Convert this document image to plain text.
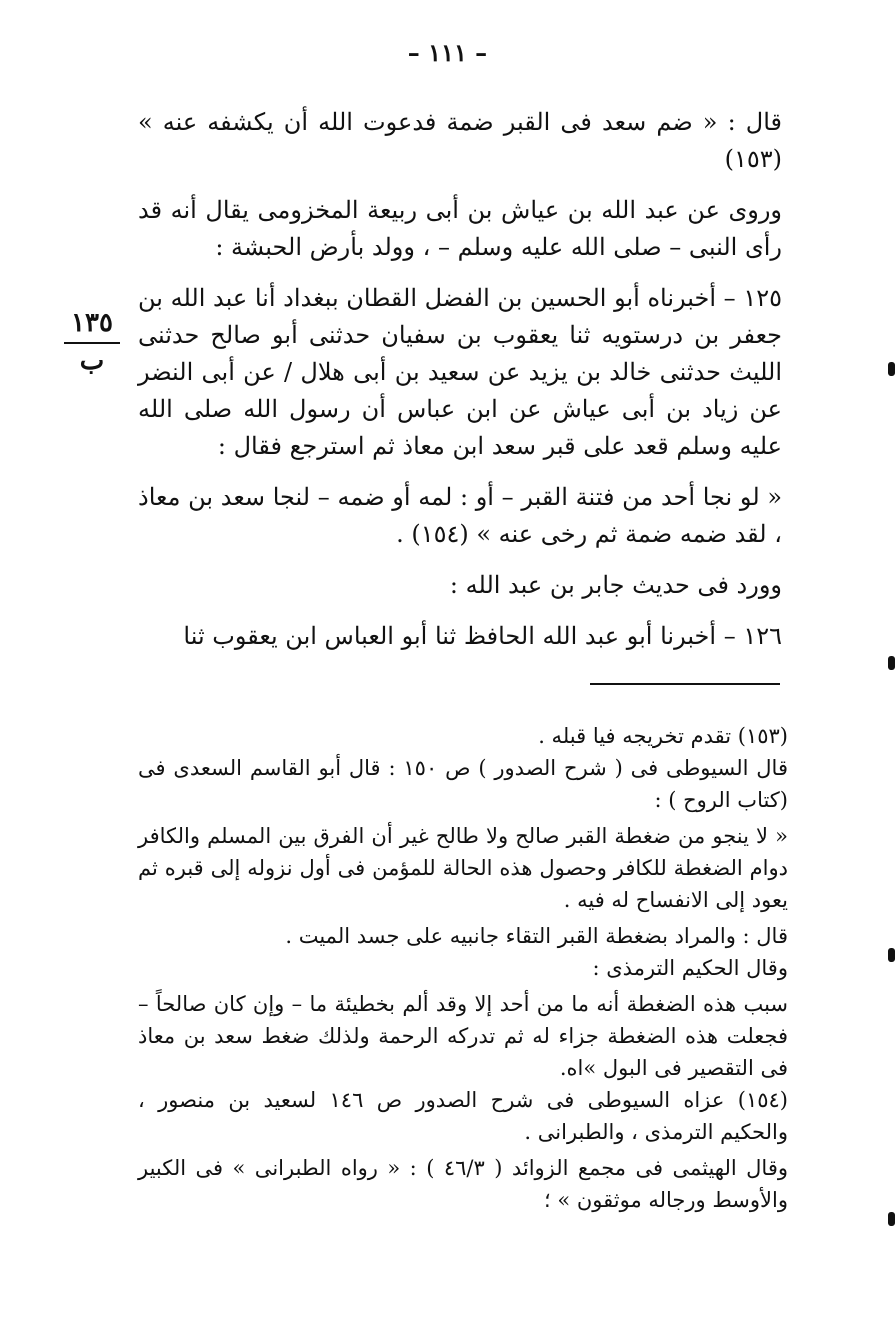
– ١١١ –
١٣٥
ب

قال : « ضم سعد فى القبر ضمة فدعوت الله أن يكشفه عنه » (١٥٣)

وروى عن عبد الله بن عياش بن أبى ربيعة المخزومى يقال أنه قد رأى النبى – صلى الله عليه وسلم – ، وولد بأرض الحبشة :

١٢٥ – أخبرناه أبو الحسين بن الفضل القطان ببغداد أنا عبد الله بن جعفر بن درستويه ثنا يعقوب بن سفيان حدثنى أبو صالح حدثنى الليث حدثنى خالد بن يزيد عن سعيد بن أبى هلال / عن أبى النضر عن زياد بن أبى عياش عن ابن عباس أن رسول الله صلى الله عليه وسلم قعد على قبر سعد ابن معاذ ثم استرجع فقال :

« لو نجا أحد من فتنة القبر – أو : لمه أو ضمه – لنجا سعد بن معاذ ، لقد ضمه ضمة ثم رخى عنه » (١٥٤) .

وورد فى حديث جابر بن عبد الله :

١٢٦ – أخبرنا أبو عبد الله الحافظ ثنا أبو العباس ابن يعقوب ثنا

(١٥٣) تقدم تخريجه فيا قبله .

قال السيوطى فى ( شرح الصدور ) ص ١٥٠ : قال أبو القاسم السعدى فى (كتاب الروح ) :

« لا ينجو من ضغطة القبر صالح ولا طالح غير أن الفرق بين المسلم والكافر دوام الضغطة للكافر وحصول هذه الحالة للمؤمن فى أول نزوله إلى قبره ثم يعود إلى الانفساح له فيه .

قال : والمراد بضغطة القبر التقاء جانبيه على جسد الميت .

وقال الحكيم الترمذى :

سبب هذه الضغطة أنه ما من أحد إلا وقد ألم بخطيئة ما – وإن كان صالحاً – فجعلت هذه الضغطة جزاء له ثم تدركه الرحمة ولذلك ضغط سعد بن معاذ فى التقصير فى البول »اه.

(١٥٤) عزاه السيوطى فى شرح الصدور ص ١٤٦ لسعيد بن منصور ، والحكيم الترمذى ، والطبرانى .

وقال الهيثمى فى مجمع الزوائد ( ٤٦/٣ ) : « رواه الطبرانى » فى الكبير والأوسط ورجاله موثقون » ؛
